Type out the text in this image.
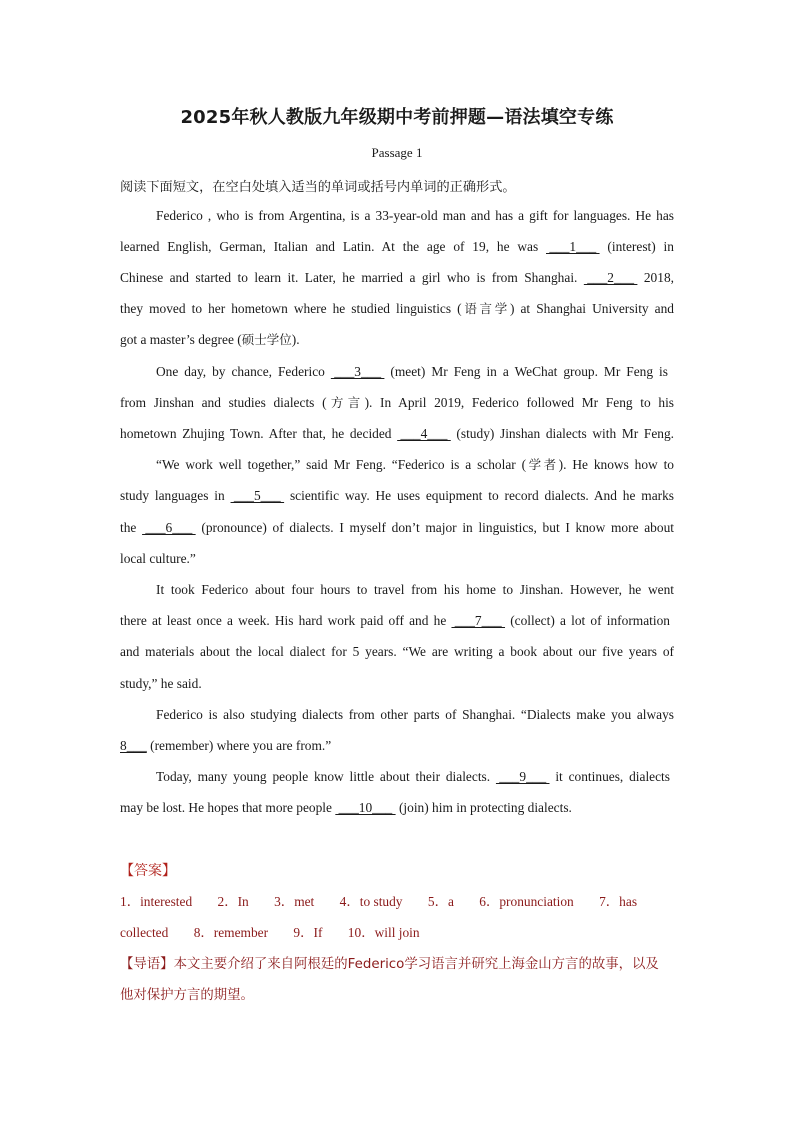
2025年秋人教版九年级期中考前押题—语法填空专练
Passage 1
阅读下面短文，在空白处填入适当的单词或括号内单词的正确形式。
Federico , who is from Argentina, is a 33-year-old man and has a gift for languages. He has
learned English, German, Italian and Latin. At the age of 19, he was  ___1___  (interest) in
Chinese and started to learn it. Later, he married a girl who is from Shanghai.  ___2___  2018,
they moved to her hometown where he studied linguistics (语言学) at Shanghai University and
got a master’s degree (硕士学位).
One day, by chance, Federico  ___3___  (meet) Mr Feng in a WeChat group. Mr Feng is
from Jinshan and studies dialects (方言). In April 2019, Federico followed Mr Feng to his
hometown Zhujing Town. After that, he decided  ___4___  (study) Jinshan dialects with Mr Feng.
“We work well together,” said Mr Feng. “Federico is a scholar (学者). He knows how to
study languages in  ___5___  scientific way. He uses equipment to record dialects. And he marks
the  ___6___  (pronounce) of dialects. I myself don’t major in linguistics, but I know more about
local culture.”
It took Federico about four hours to travel from his home to Jinshan. However, he went
there at least once a week. His hard work paid off and he  ___7___  (collect) a lot of information
and materials about the local dialect for 5 years. “We are writing a book about our five years of
study,” he said.
Federico is also studying dialects from other parts of Shanghai. “Dialects make you always
8___ (remember) where you are from.”
Today, many young people know little about their dialects.  ___9___  it continues, dialects
may be lost. He hopes that more people  ___10___  (join) him in protecting dialects.
【答案】
1．interested 2．In 3．met 4．to study 5．a 6．pronunciation 7．has
collected 8．remember 9．If 10．will join
【导语】本文主要介绍了来自阿根廷的Federico学习语言并研究上海金山方言的故事，以及
他对保护方言的期望。
